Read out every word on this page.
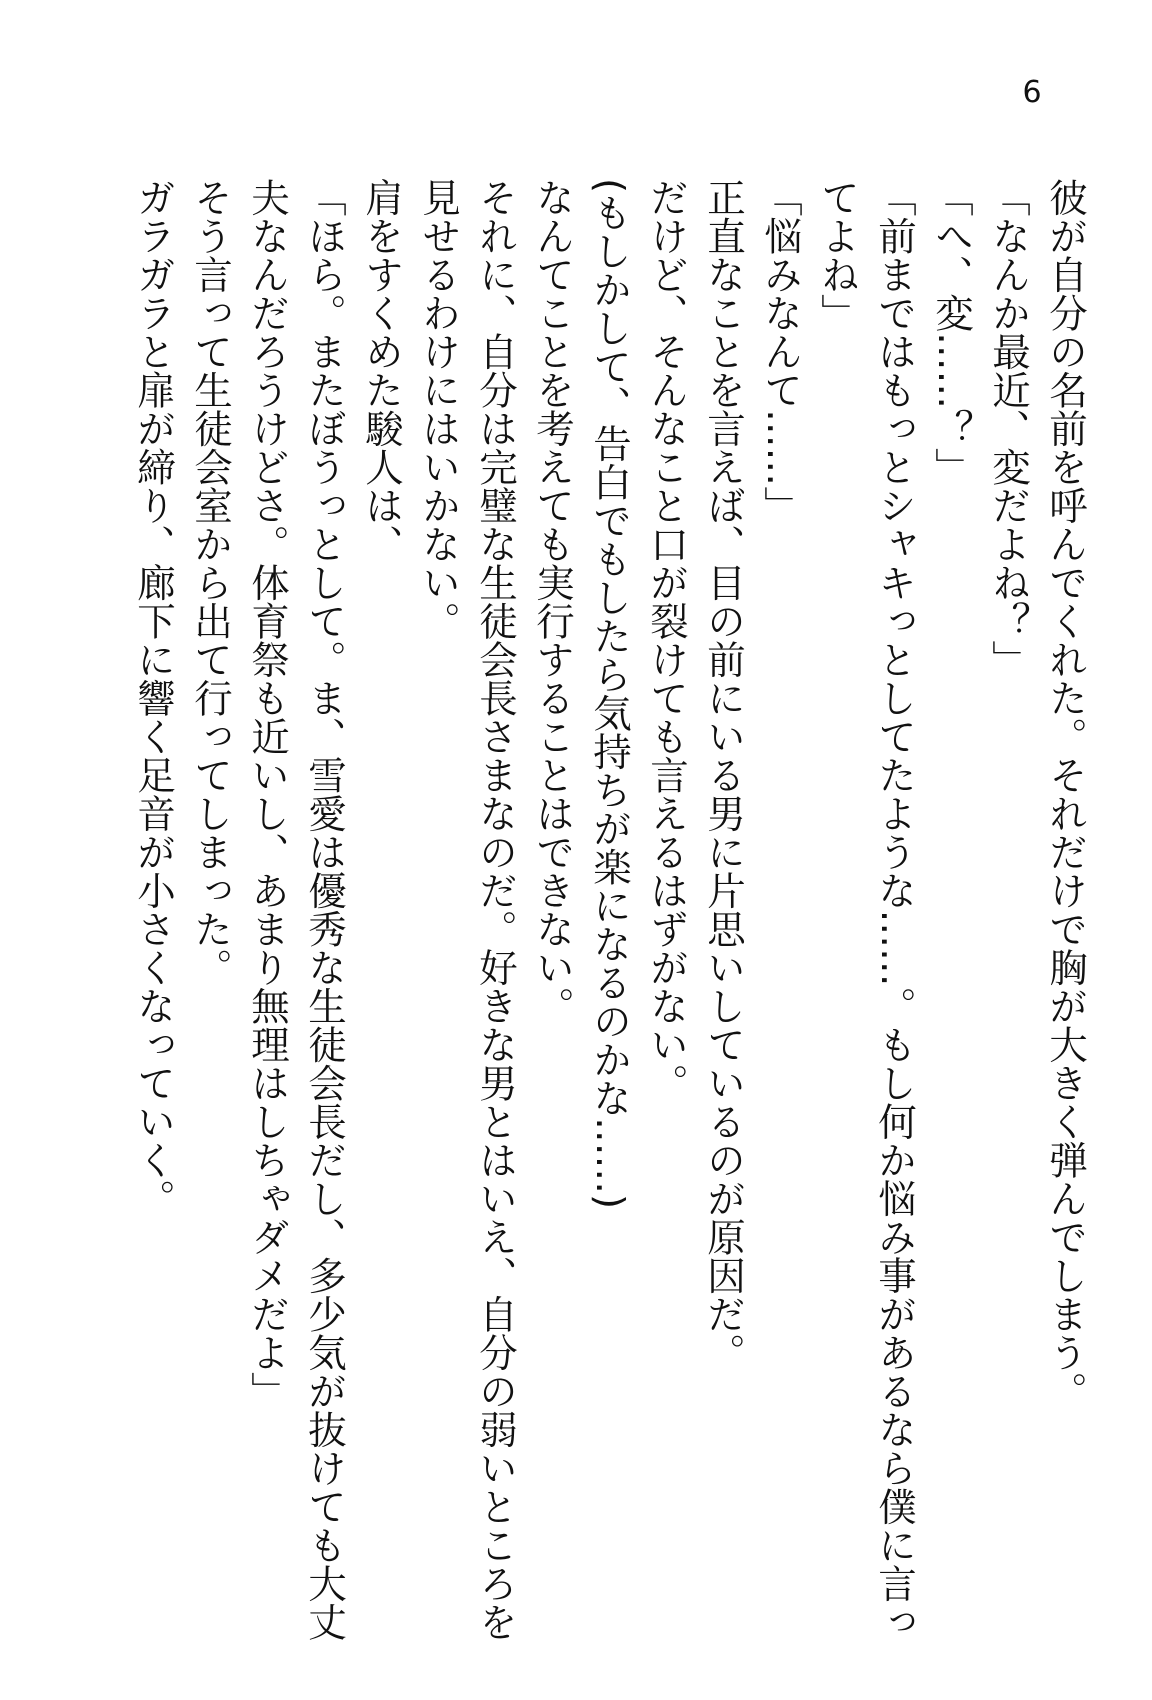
6
彼が自分の名前を呼んでくれた。それだけで胸が大きく弾んでしまう。
「なんか最近、変だよね？」
「へ、変……？」
「前まではもっとシャキっとしてたような……。もし何か悩み事があるなら僕に言ってよね」
「悩みなんて……」
正直なことを言えば、目の前にいる男に片思いしているのが原因だ。
だけど、そんなこと口が裂けても言えるはずがない。
(もしかして、告白でもしたら気持ちが楽になるのかな……)
なんてことを考えても実行することはできない。
それに、自分は完璧な生徒会長さまなのだ。好きな男とはいえ、自分の弱いところを見せるわけにはいかない。
肩をすくめた駿人は、
「ほら。またぼうっとして。ま、雪愛は優秀な生徒会長だし、多少気が抜けても大丈夫なんだろうけどさ。体育祭も近いし、あまり無理はしちゃダメだよ」
そう言って生徒会室から出て行ってしまった。
ガラガラと扉が締り、廊下に響く足音が小さくなっていく。
